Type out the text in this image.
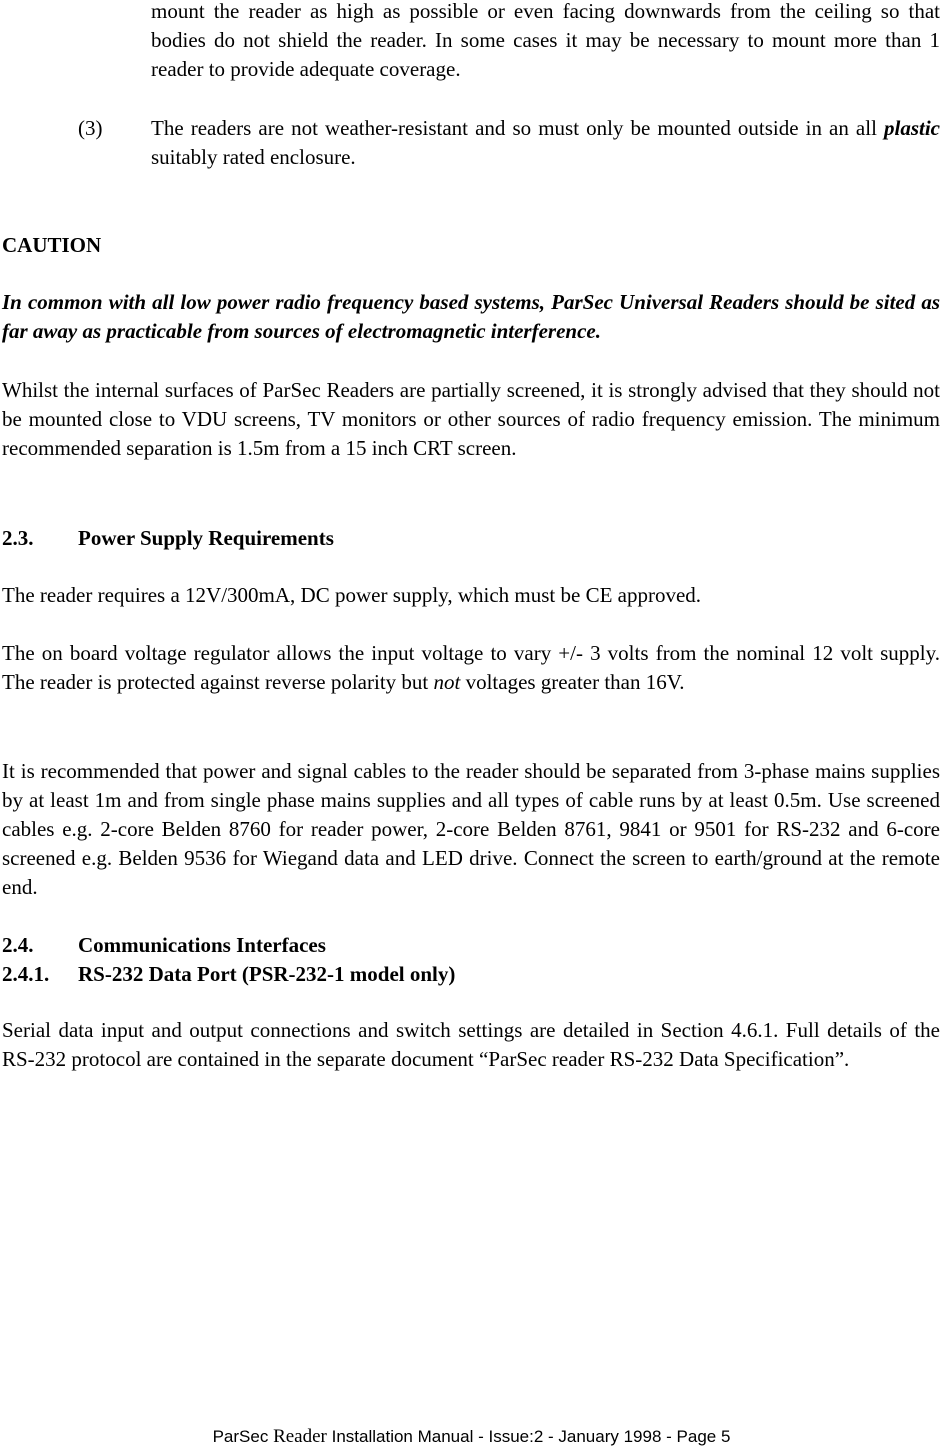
mount the reader as high as possible or even facing downwards from the ceiling so that bodies do not shield the reader. In some cases it may be necessary to mount more than 1 reader to provide adequate coverage.

(3) The readers are not weather-resistant and so must only be mounted outside in an all plastic suitably rated enclosure.

CAUTION

In common with all low power radio frequency based systems, ParSec Universal Readers should be sited as far away as practicable from sources of electromagnetic interference.

Whilst the internal surfaces of ParSec Readers are partially screened, it is strongly advised that they should not be mounted close to VDU screens, TV monitors or other sources of radio frequency emission. The minimum recommended separation is 1.5m from a 15 inch CRT screen.

2.3. Power Supply Requirements

The reader requires a 12V/300mA, DC power supply, which must be CE approved.

The on board voltage regulator allows the input voltage to vary +/- 3 volts from the nominal 12 volt supply. The reader is protected against reverse polarity but not voltages greater than 16V.

It is recommended that power and signal cables to the reader should be separated from 3-phase mains supplies by at least 1m and from single phase mains supplies and all types of cable runs by at least 0.5m. Use screened cables e.g. 2-core Belden 8760 for reader power, 2-core Belden 8761, 9841 or 9501 for RS-232 and 6-core screened e.g. Belden 9536 for Wiegand data and LED drive. Connect the screen to earth/ground at the remote end.

2.4. Communications Interfaces

2.4.1. RS-232 Data Port (PSR-232-1 model only)

Serial data input and output connections and switch settings are detailed in Section 4.6.1. Full details of the RS-232 protocol are contained in the separate document “ParSec reader RS-232 Data Specification”.

ParSec Reader Installation Manual - Issue:2 - January 1998 - Page 5
